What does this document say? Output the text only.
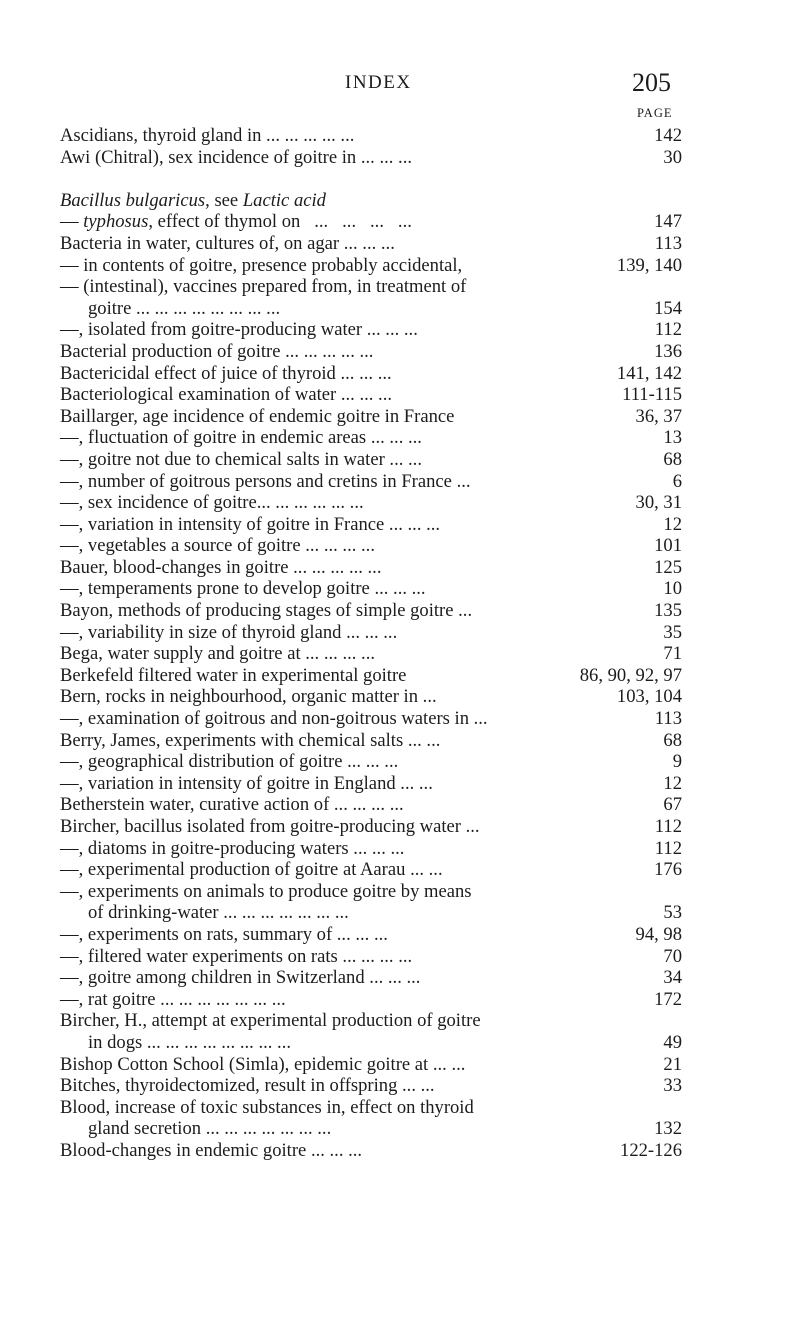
INDEX	205
PAGE
Ascidians, thyroid gland in ... ... ... ... ...	142
Awi (Chitral), sex incidence of goitre in ... ... ...	30
Bacillus bulgaricus, see Lactic acid
— typhosus, effect of thymol on   ...   ...   ...   ...	147
Bacteria in water, cultures of, on agar ... ... ...	113
— in contents of goitre, presence probably accidental,	139, 140
— (intestinal), vaccines prepared from, in treatment of
goitre ... ... ... ... ... ... ... ...	154
—, isolated from goitre-producing water ... ... ...	112
Bacterial production of goitre ... ... ... ... ...	136
Bactericidal effect of juice of thyroid ... ... ...	141, 142
Bacteriological examination of water ... ... ...	111-115
Baillarger, age incidence of endemic goitre in France	36, 37
—, fluctuation of goitre in endemic areas ... ... ...	13
—, goitre not due to chemical salts in water ... ...	68
—, number of goitrous persons and cretins in France ...	6
—, sex incidence of goitre... ... ... ... ... ...	30, 31
—, variation in intensity of goitre in France ... ... ...	12
—, vegetables a source of goitre ... ... ... ...	101
Bauer, blood-changes in goitre ... ... ... ... ...	125
—, temperaments prone to develop goitre ... ... ...	10
Bayon, methods of producing stages of simple goitre ...	135
—, variability in size of thyroid gland ... ... ...	35
Bega, water supply and goitre at ... ... ... ...	71
Berkefeld filtered water in experimental goitre	86, 90, 92, 97
Bern, rocks in neighbourhood, organic matter in ...	103, 104
—, examination of goitrous and non-goitrous waters in ...	113
Berry, James, experiments with chemical salts ... ...	68
—, geographical distribution of goitre ... ... ...	9
—, variation in intensity of goitre in England ... ...	12
Betherstein water, curative action of ... ... ... ...	67
Bircher, bacillus isolated from goitre-producing water ...	112
—, diatoms in goitre-producing waters ... ... ...	112
—, experimental production of goitre at Aarau ... ...	176
—, experiments on animals to produce goitre by means
of drinking-water ... ... ... ... ... ... ...	53
—, experiments on rats, summary of ... ... ...	94, 98
—, filtered water experiments on rats ... ... ... ...	70
—, goitre among children in Switzerland ... ... ...	34
—, rat goitre ... ... ... ... ... ... ...	172
Bircher, H., attempt at experimental production of goitre
in dogs ... ... ... ... ... ... ... ...	49
Bishop Cotton School (Simla), epidemic goitre at ... ...	21
Bitches, thyroidectomized, result in offspring ... ...	33
Blood, increase of toxic substances in, effect on thyroid
gland secretion ... ... ... ... ... ... ...	132
Blood-changes in endemic goitre ... ... ...	122-126
